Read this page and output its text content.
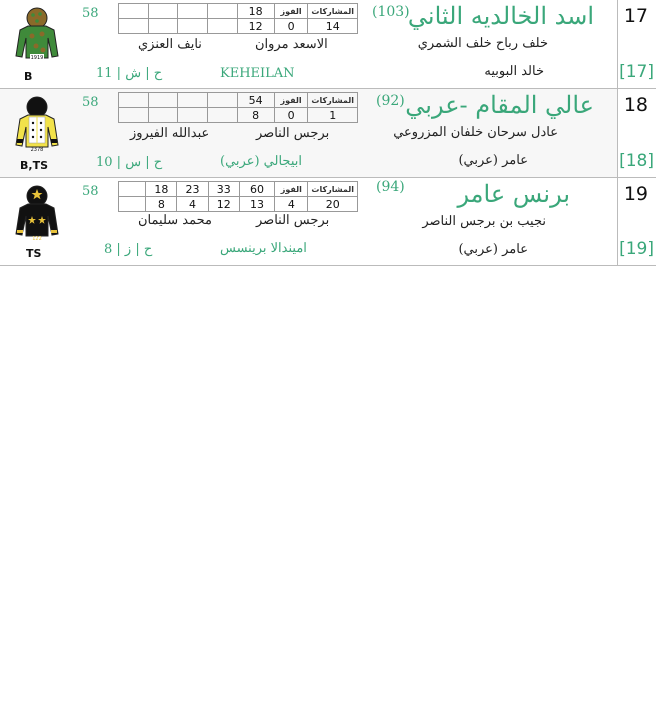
17
[17]
1919
58
					18	الفوز	المشاركات
				12	0	14
(103)
اسد الخالديه الثاني
خلف رباح خلف الشمري
الاسعد مروان
نايف العنزي
B	ح | ش | 11	KEHEILAN	خالد البوبيه
18
[18]
2378
58
					54	الفوز	المشاركات
				8	0	1
(92) عالي المقام -عربي
عادل سرحان خلفان المزروعي
برجس الناصر
عبدالله الفيروز
B,TS	ح | س | 10	(ابيجالي (عربي	(عامر (عربي
19
[19]
122
58
		18	23	33	60	الفوز	المشاركات
	8	4	12	13	4	20
(94) برنس عامر
نجيب بن برجس الناصر
برجس الناصر
محمد سليمان
TS	ح | ز | 8	اميندالا برينسس	(عامر (عربي
